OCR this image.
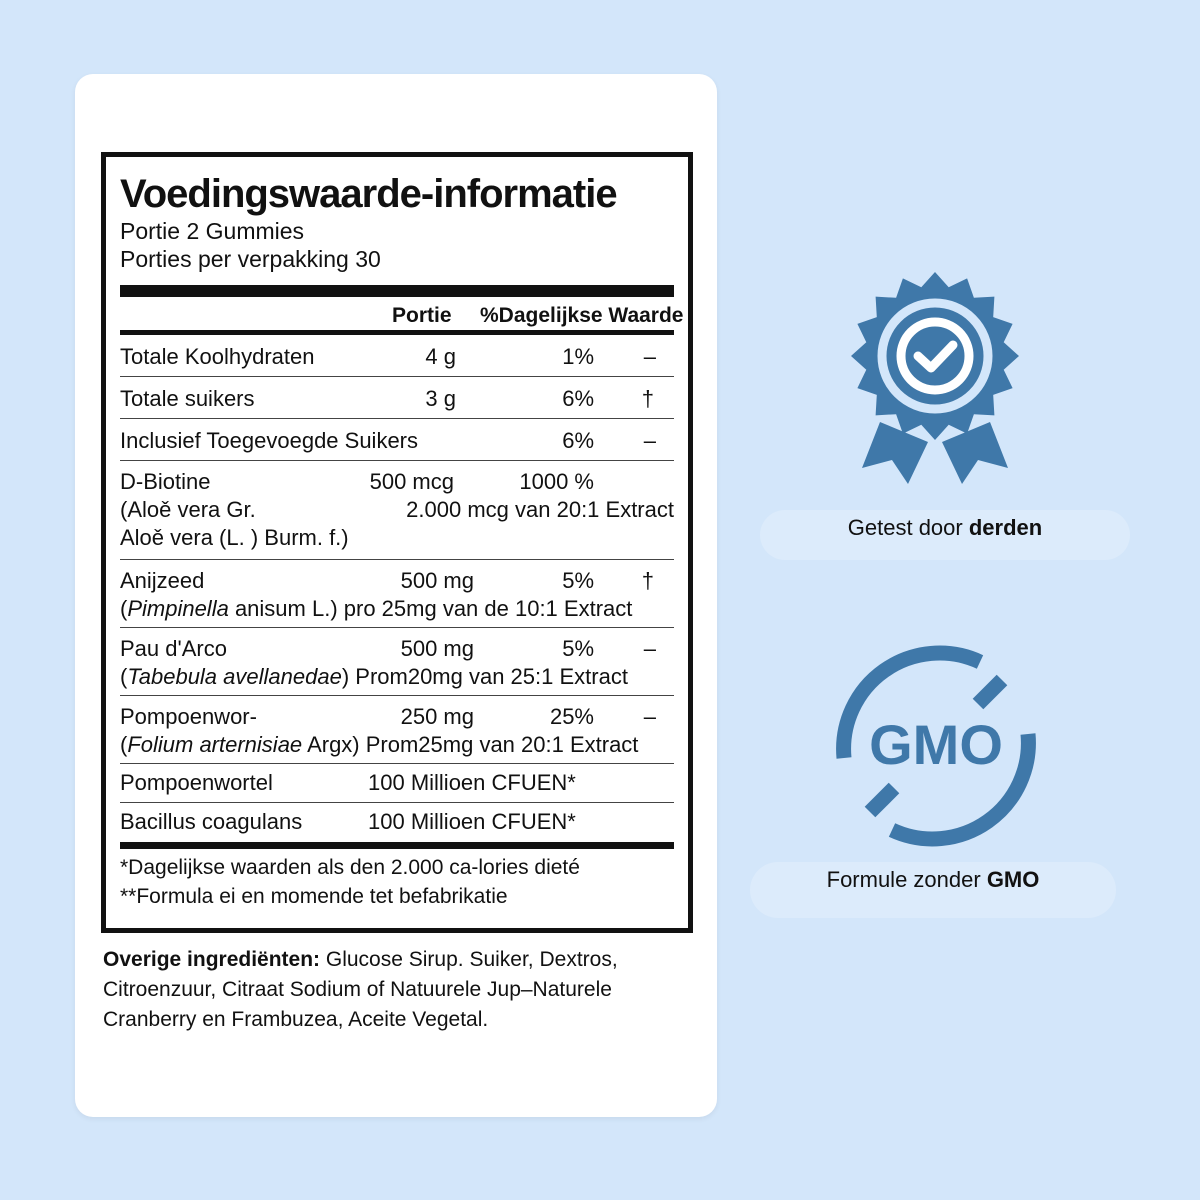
Voedingswaarde-informatie
Portie 2 Gummies
Porties per verpakking 30
Portie %Dagelijkse Waarde
Totale Koolhydraten	4 g	1% –
Totale suikers	3 g	6% †
Inclusief Toegevoegde Suikers	6% –
D-Biotine	500 mcg	1000 %
(Aloě vera Gr.	2.000 mcg van 20:1 Extract
Aloě vera (L. ) Burm. f.)
Anijzeed	500 mg	5% †
(Pimpinella anisum L.) pro 25mg van de 10:1 Extract
Pau d'Arco	500 mg	5% –
(Tabebula avellanedae) Prom20mg van 25:1 Extract
Pompoenwor-	250 mg	25% –
(Folium arternisiae Argx) Prom25mg van 20:1 Extract
Pompoenwortel	100 Millioen CFUEN*
Bacillus coagulans	100 Millioen CFUEN*
*Dagelijkse waarden als den 2.000 ca-lories dieté
**Formula ei en momende tet befabrikatie
Overige ingrediënten: Glucose Sirup. Suiker, Dextros, Citroenzuur, Citraat Sodium of Natuurele Jup–Naturele Cranberry en Frambuzea, Aceite Vegetal.
Getest door derden
GMO
Formule zonder GMO
